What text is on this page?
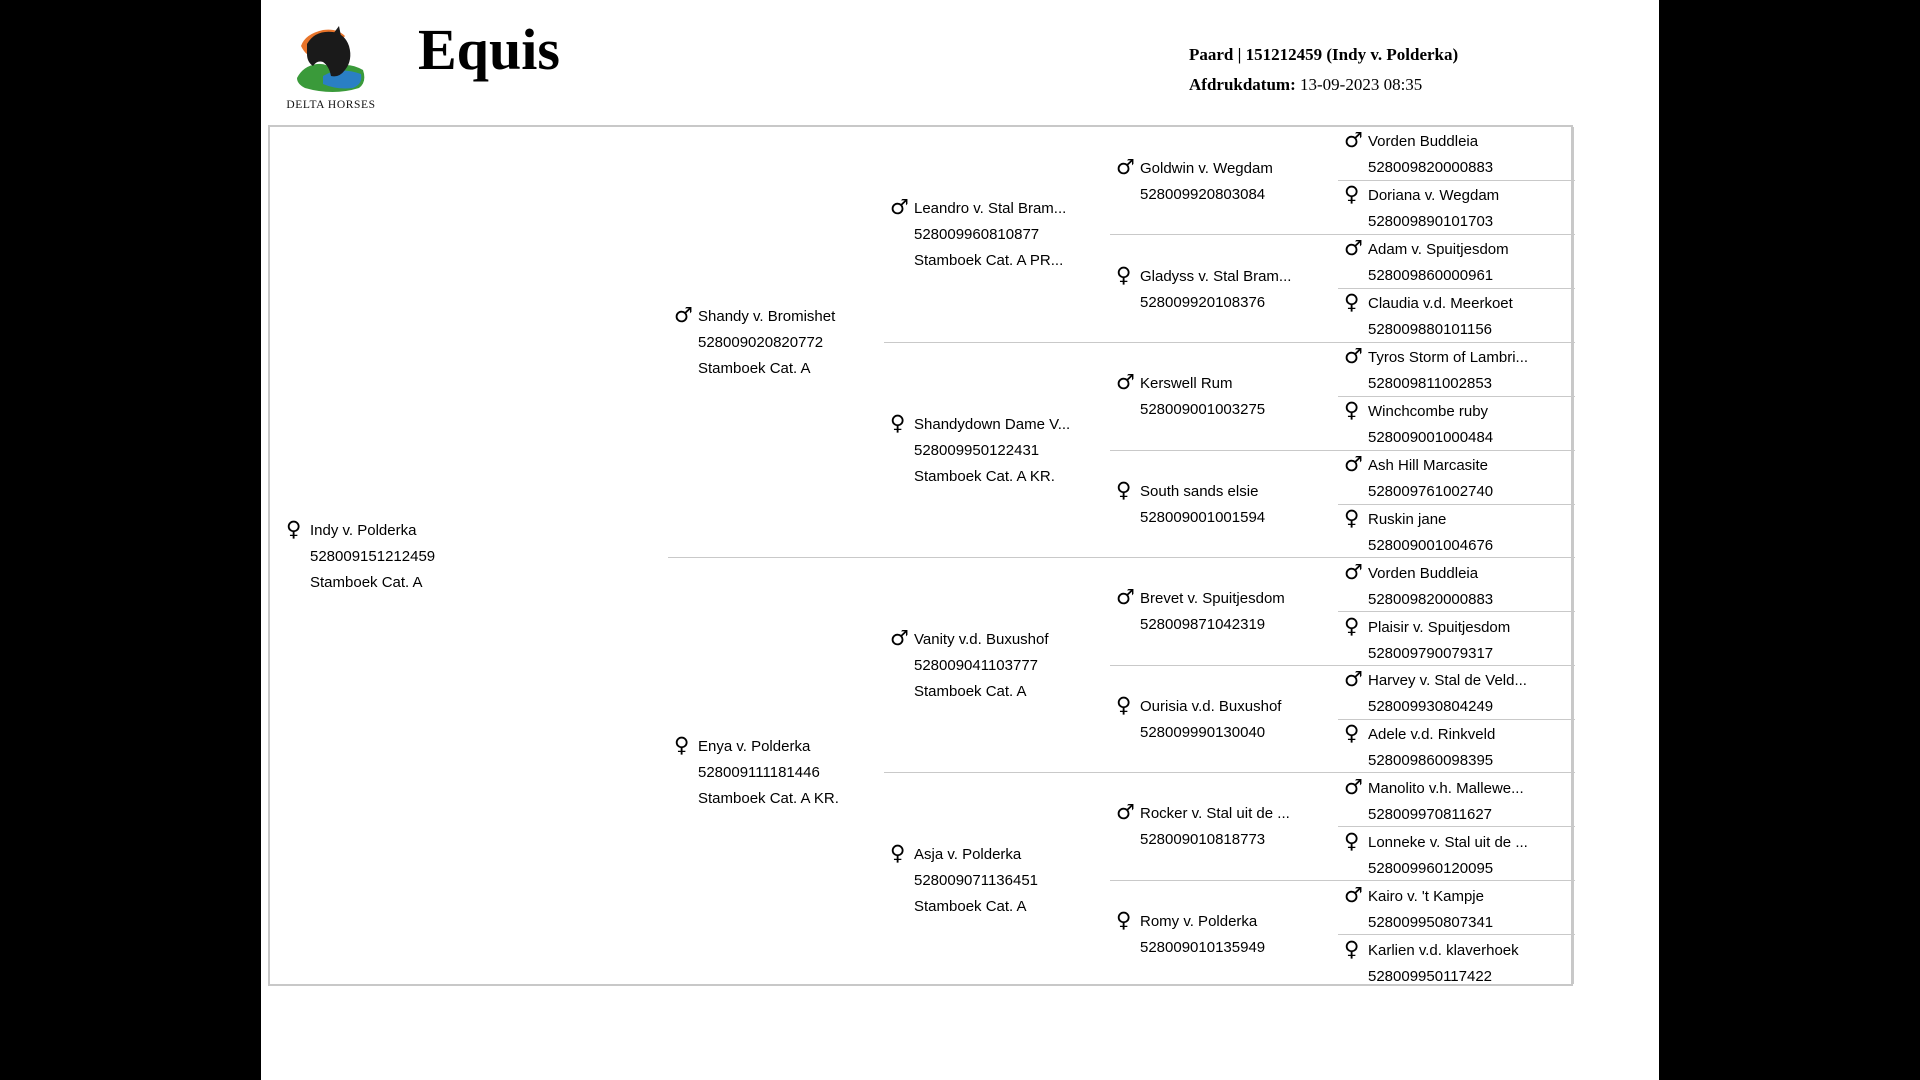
DELTA HORSES
Equis	Paard | 151212459 (Indy v. Polderka)
Afdrukdatum: 13-09-2023 08:35
♀ Indy v. Polderka
528009151212459
Stamboek Cat. A
♂ Shandy v. Bromishet
528009020820772
Stamboek Cat. A
♀ Enya v. Polderka
528009111181446
Stamboek Cat. A KR.
♂ Leandro v. Stal Bram...
528009960810877
Stamboek Cat. A PR...
♀ Shandydown Dame V...
528009950122431
Stamboek Cat. A KR.
♂ Vanity v.d. Buxushof
528009041103777
Stamboek Cat. A
♀ Asja v. Polderka
528009071136451
Stamboek Cat. A
♂ Goldwin v. Wegdam
528009920803084
♀ Gladyss v. Stal Bram...
528009920108376
♂ Kerswell Rum
528009001003275
♀ South sands elsie
528009001001594
♂ Brevet v. Spuitjesdom
528009871042319
♀ Ourisia v.d. Buxushof
528009990130040
♂ Rocker v. Stal uit de ...
528009010818773
♀ Romy v. Polderka
528009010135949
♂ Vorden Buddleia
528009820000883
♀ Doriana v. Wegdam
528009890101703
♂ Adam v. Spuitjesdom
528009860000961
♀ Claudia v.d. Meerkoet
528009880101156
♂ Tyros Storm of Lambri...
528009811002853
♀ Winchcombe ruby
528009001000484
♂ Ash Hill Marcasite
528009761002740
♀ Ruskin jane
528009001004676
♂ Vorden Buddleia
528009820000883
♀ Plaisir v. Spuitjesdom
528009790079317
♂ Harvey v. Stal de Veld...
528009930804249
♀ Adele v.d. Rinkveld
528009860098395
♂ Manolito v.h. Mallewe...
528009970811627
♀ Lonneke v. Stal uit de ...
528009960120095
♂ Kairo v. 't Kampje
528009950807341
♀ Karlien v.d. klaverhoek
528009950117422
